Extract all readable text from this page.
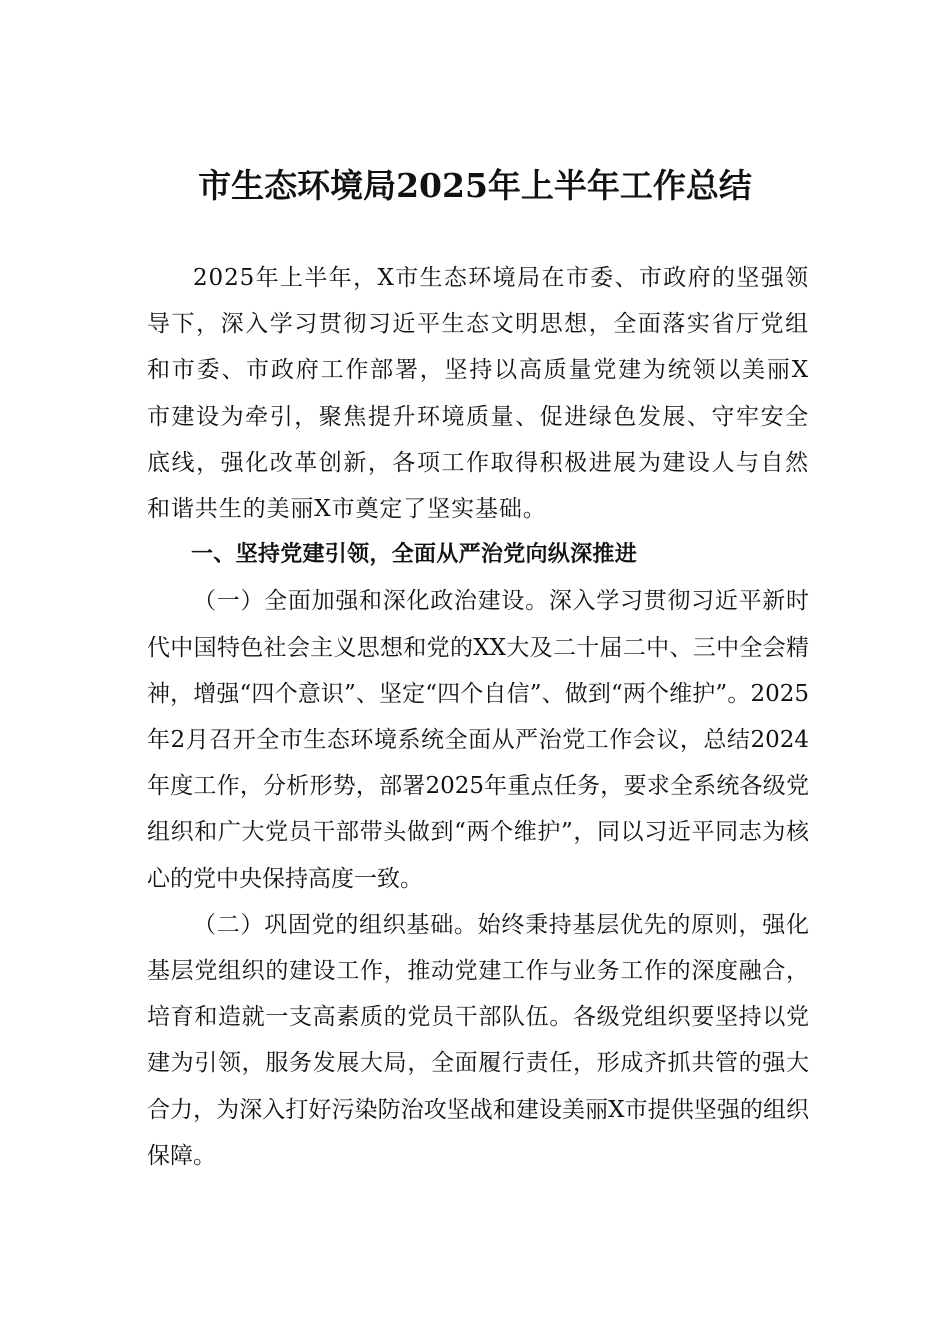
市生态环境局2025年上半年工作总结

2025年上半年，X市生态环境局在市委、市政府的坚强领导下，深入学习贯彻习近平生态文明思想，全面落实省厅党组和市委、市政府工作部署，坚持以高质量党建为统领以美丽X市建设为牵引，聚焦提升环境质量、促进绿色发展、守牢安全底线，强化改革创新，各项工作取得积极进展为建设人与自然和谐共生的美丽X市奠定了坚实基础。

一、坚持党建引领，全面从严治党向纵深推进

（一）全面加强和深化政治建设。深入学习贯彻习近平新时代中国特色社会主义思想和党的XX大及二十届二中、三中全会精神，增强“四个意识”、坚定“四个自信”、做到“两个维护”。2025年2月召开全市生态环境系统全面从严治党工作会议，总结2024年度工作，分析形势，部署2025年重点任务，要求全系统各级党组织和广大党员干部带头做到“两个维护”，同以习近平同志为核心的党中央保持高度一致。

（二）巩固党的组织基础。始终秉持基层优先的原则，强化基层党组织的建设工作，推动党建工作与业务工作的深度融合，培育和造就一支高素质的党员干部队伍。各级党组织要坚持以党建为引领，服务发展大局，全面履行责任，形成齐抓共管的强大合力，为深入打好污染防治攻坚战和建设美丽X市提供坚强的组织保障。
